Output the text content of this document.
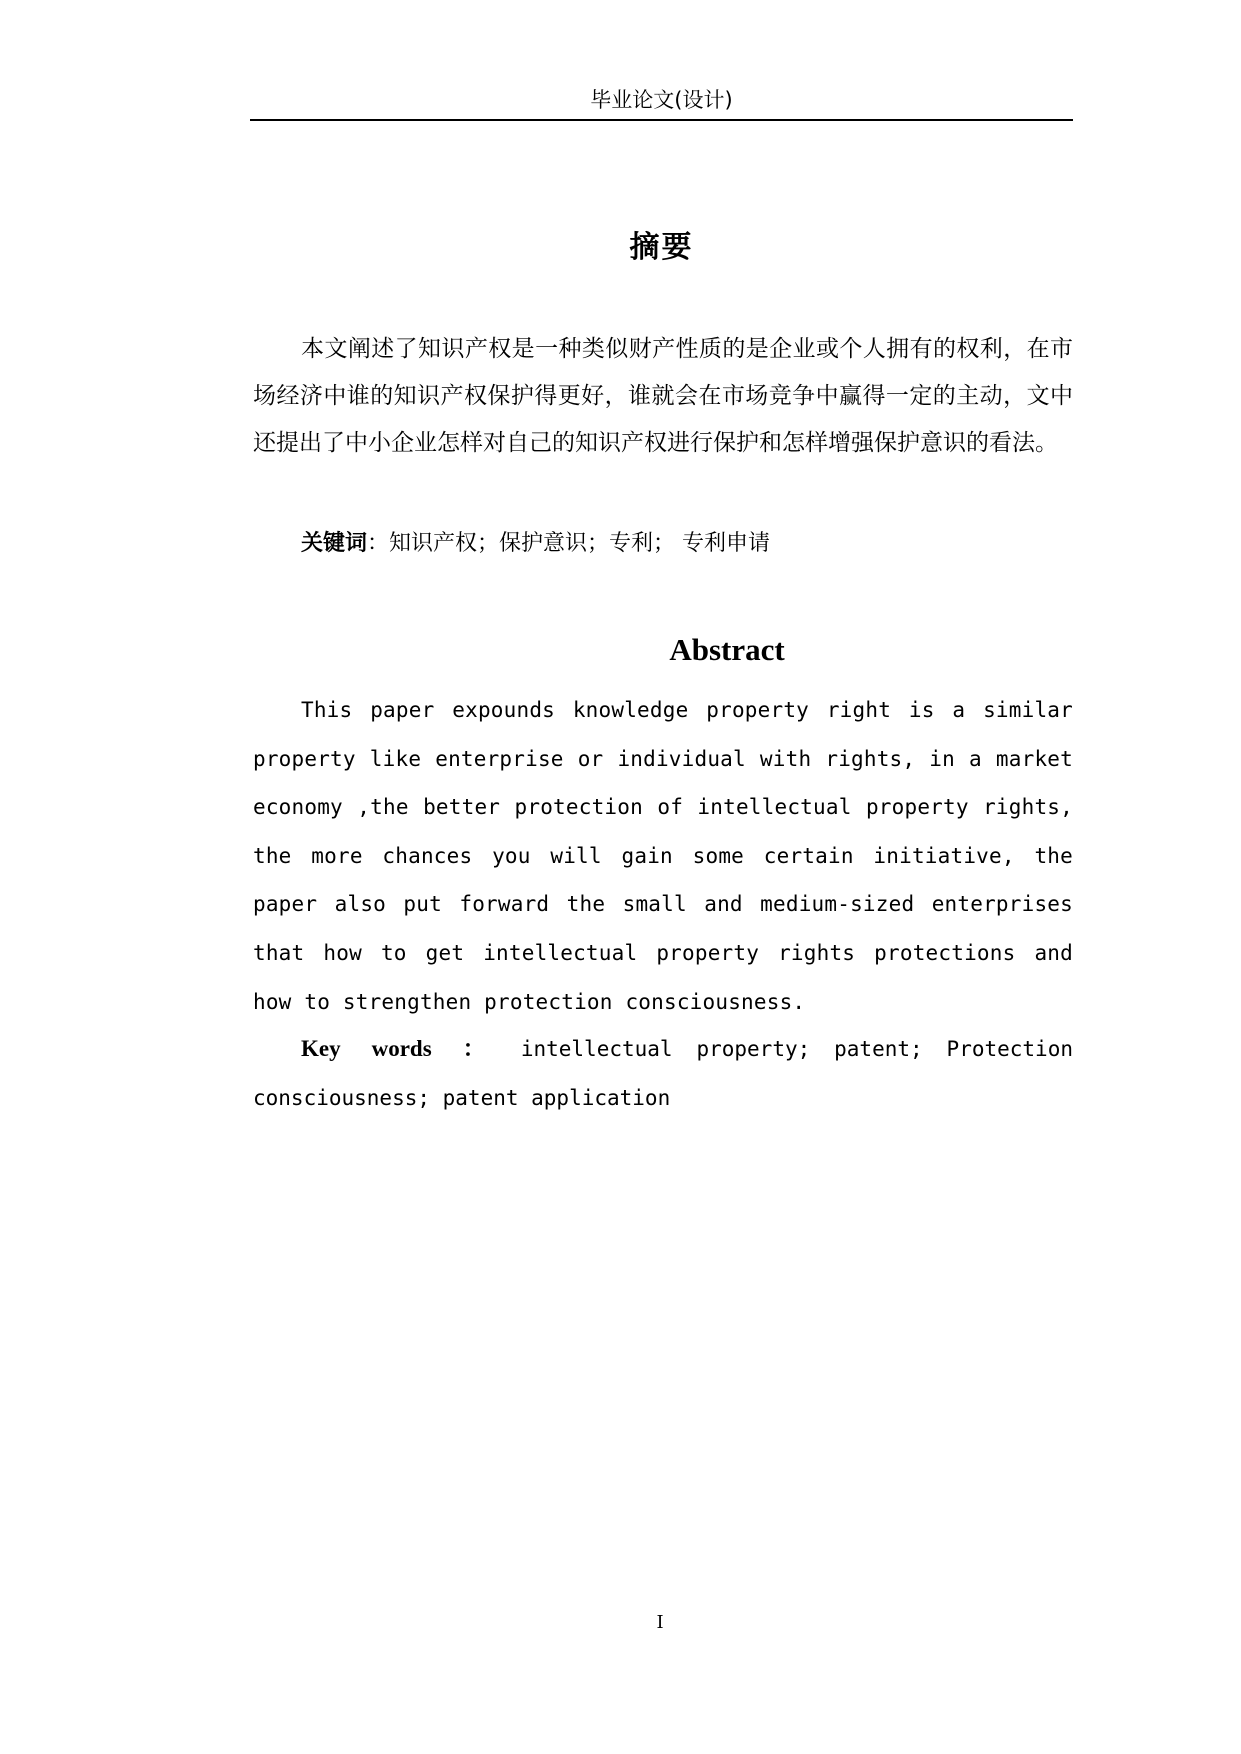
毕业论文(设计)
摘要

本文阐述了知识产权是一种类似财产性质的是企业或个人拥有的权利，在市场经济中谁的知识产权保护得更好，谁就会在市场竞争中赢得一定的主动，文中还提出了中小企业怎样对自己的知识产权进行保护和怎样增强保护意识的看法。

关键词：知识产权；保护意识；专利； 专利申请
Abstract

This paper expounds knowledge property right is a similar property like enterprise or individual with rights, in a market economy ,the better protection of intellectual property rights, the more chances you will gain some certain initiative, the paper also put forward the small and medium-sized enterprises that how to get intellectual property rights protections and how to strengthen protection consciousness.

Key words ： intellectual property; patent; Protection consciousness; patent application

I
